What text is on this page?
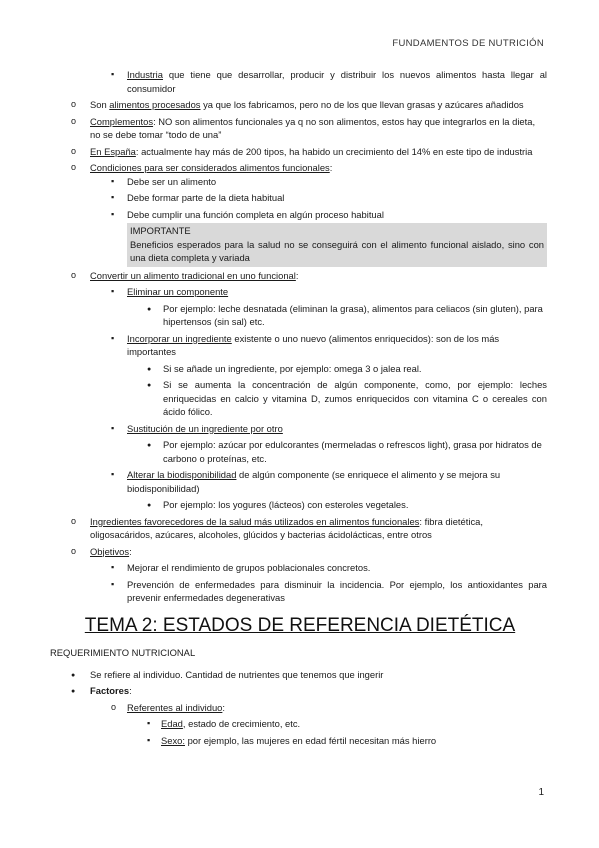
FUNDAMENTOS DE NUTRICIÓN
▪ Industria que tiene que desarrollar, producir y distribuir los nuevos alimentos hasta llegar al consumidor
o Son alimentos procesados ya que los fabricamos, pero no de los que llevan grasas y azúcares añadidos
o Complementos: NO son alimentos funcionales ya q no son alimentos, estos hay que integrarlos en la dieta, no se debe tomar “todo de una”
o En España: actualmente hay más de 200 tipos, ha habido un crecimiento del 14% en este tipo de industria
o Condiciones para ser considerados alimentos funcionales:
▪ Debe ser un alimento
▪ Debe formar parte de la dieta habitual
▪ Debe cumplir una función completa en algún proceso habitual
IMPORTANTE
Beneficios esperados para la salud no se conseguirá con el alimento funcional aislado, sino con una dieta completa y variada
o Convertir un alimento tradicional en uno funcional:
▪ Eliminar un componente
● Por ejemplo: leche desnatada (eliminan la grasa), alimentos para celiacos (sin gluten), para hipertensos (sin sal) etc.
▪ Incorporar un ingrediente existente o uno nuevo (alimentos enriquecidos): son de los más importantes
● Si se añade un ingrediente, por ejemplo: omega 3 o jalea real.
● Si se aumenta la concentración de algún componente, como, por ejemplo: leches enriquecidas en calcio y vitamina D, zumos enriquecidos con vitamina C o cereales con ácido fólico.
▪ Sustitución de un ingrediente por otro
● Por ejemplo: azúcar por edulcorantes (mermeladas o refrescos light), grasa por hidratos de carbono o proteínas, etc.
▪ Alterar la biodisponibilidad de algún componente (se enriquece el alimento y se mejora su biodisponibilidad)
● Por ejemplo: los yogures (lácteos) con esteroles vegetales.
o Ingredientes favorecedores de la salud más utilizados en alimentos funcionales: fibra dietética, oligosacáridos, azúcares, alcoholes, glúcidos y bacterias ácidolácticas, entre otros
o Objetivos:
▪ Mejorar el rendimiento de grupos poblacionales concretos.
▪ Prevención de enfermedades para disminuir la incidencia. Por ejemplo, los antioxidantes para prevenir enfermedades degenerativas
TEMA 2: ESTADOS DE REFERENCIA DIETÉTICA
REQUERIMIENTO NUTRICIONAL
● Se refiere al individuo. Cantidad de nutrientes que tenemos que ingerir
● Factores:
o Referentes al individuo:
▪ Edad, estado de crecimiento, etc.
▪ Sexo: por ejemplo, las mujeres en edad fértil necesitan más hierro
1
